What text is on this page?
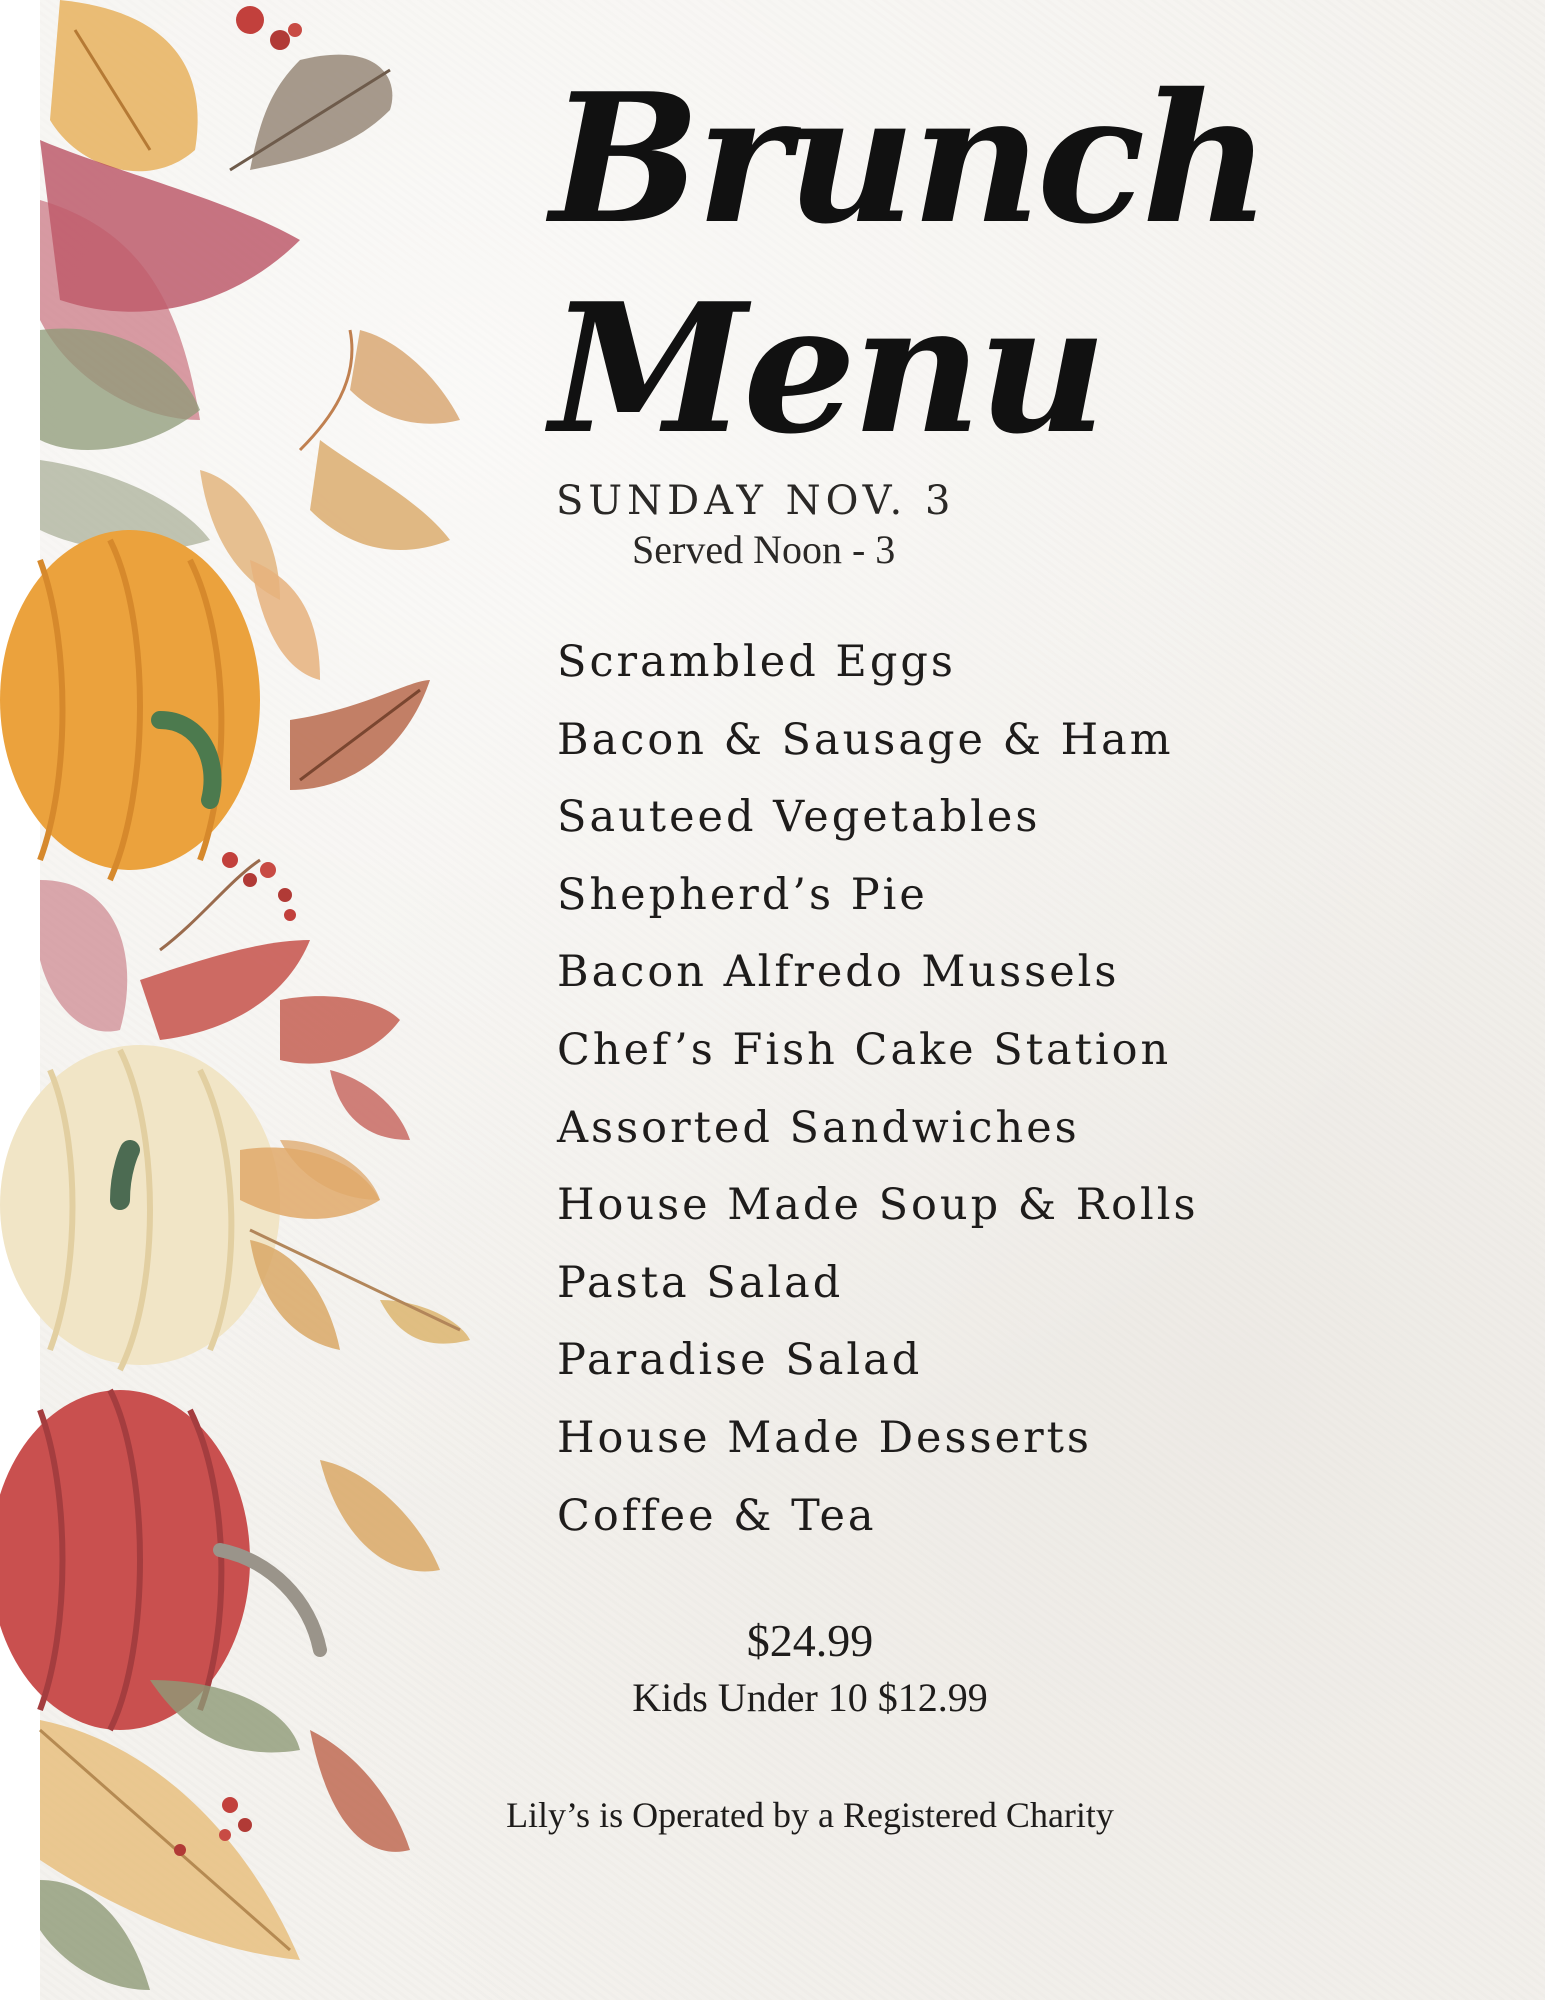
Brunch
Menu
SUNDAY NOV. 3
Served Noon - 3
Scrambled Eggs
Bacon & Sausage & Ham
Sauteed Vegetables
Shepherd’s Pie
Bacon Alfredo Mussels
Chef’s Fish Cake Station
Assorted Sandwiches
House Made Soup & Rolls
Pasta Salad
Paradise Salad
House Made Desserts
Coffee & Tea
$24.99
Kids Under 10 $12.99
Lily’s is Operated by a Registered Charity
